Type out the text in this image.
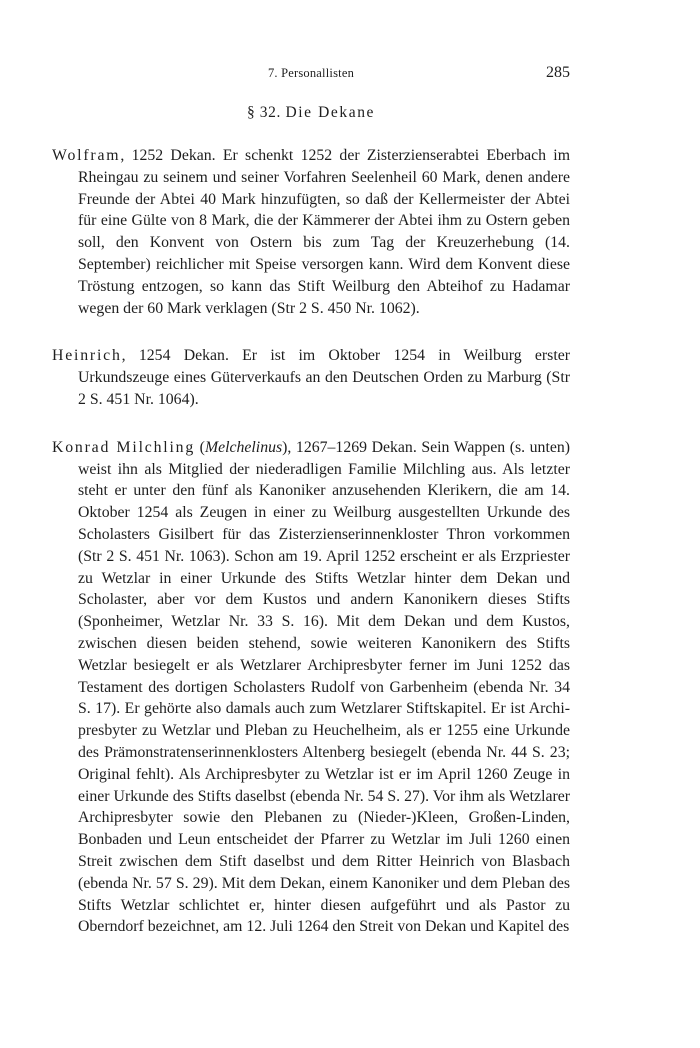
7. Personallisten	285
§ 32. Die Dekane

Wolfram, 1252 Dekan. Er schenkt 1252 der Zisterzienserabtei Eberbach im Rheingau zu seinem und seiner Vorfahren Seelenheil 60 Mark, denen andere Freunde der Abtei 40 Mark hinzufügten, so daß der Kellermeister der Abtei für eine Gülte von 8 Mark, die der Kämmerer der Abtei ihm zu Ostern geben soll, den Konvent von Ostern bis zum Tag der Kreuzerhebung (14. September) reichlicher mit Speise versorgen kann. Wird dem Konvent diese Tröstung entzogen, so kann das Stift Weilburg den Abteihof zu Hadamar wegen der 60 Mark verklagen (Str 2 S. 450 Nr. 1062).

Heinrich, 1254 Dekan. Er ist im Oktober 1254 in Weilburg erster Urkundszeuge eines Güterverkaufs an den Deutschen Orden zu Marburg (Str 2 S. 451 Nr. 1064).

Konrad Milchling (Melchelinus), 1267–1269 Dekan. Sein Wappen (s. unten) weist ihn als Mitglied der niederadligen Familie Milchling aus. Als letzter steht er unter den fünf als Kanoniker anzusehenden Klerikern, die am 14. Oktober 1254 als Zeugen in einer zu Weilburg ausgestellten Urkunde des Scholasters Gisilbert für das Zisterzienserinnenkloster Thron vorkommen (Str 2 S. 451 Nr. 1063). Schon am 19. April 1252 erscheint er als Erzpriester zu Wetzlar in einer Urkunde des Stifts Wetzlar hinter dem Dekan und Scholaster, aber vor dem Kustos und andern Kanonikern dieses Stifts (Sponheimer, Wetzlar Nr. 33 S. 16). Mit dem Dekan und dem Kustos, zwischen diesen beiden stehend, sowie weiteren Kanonikern des Stifts Wetzlar besiegelt er als Wetzlarer Archipresbyter ferner im Juni 1252 das Testament des dortigen Scholasters Rudolf von Garbenheim (ebenda Nr. 34 S. 17). Er gehörte also damals auch zum Wetzlarer Stiftskapitel. Er ist Archipresbyter zu Wetzlar und Pleban zu Heuchelheim, als er 1255 eine Urkunde des Prämonstratenserinnenklosters Altenberg besiegelt (ebenda Nr. 44 S. 23; Original fehlt). Als Archipresbyter zu Wetzlar ist er im April 1260 Zeuge in einer Urkunde des Stifts daselbst (ebenda Nr. 54 S. 27). Vor ihm als Wetzlarer Archipresbyter sowie den Plebanen zu (Nieder-)Kleen, Großen-Linden, Bonbaden und Leun entscheidet der Pfarrer zu Wetzlar im Juli 1260 einen Streit zwischen dem Stift daselbst und dem Ritter Heinrich von Blasbach (ebenda Nr. 57 S. 29). Mit dem Dekan, einem Kanoniker und dem Pleban des Stifts Wetzlar schlichtet er, hinter diesen aufgeführt und als Pastor zu Oberndorf bezeichnet, am 12. Juli 1264 den Streit von Dekan und Kapitel des
